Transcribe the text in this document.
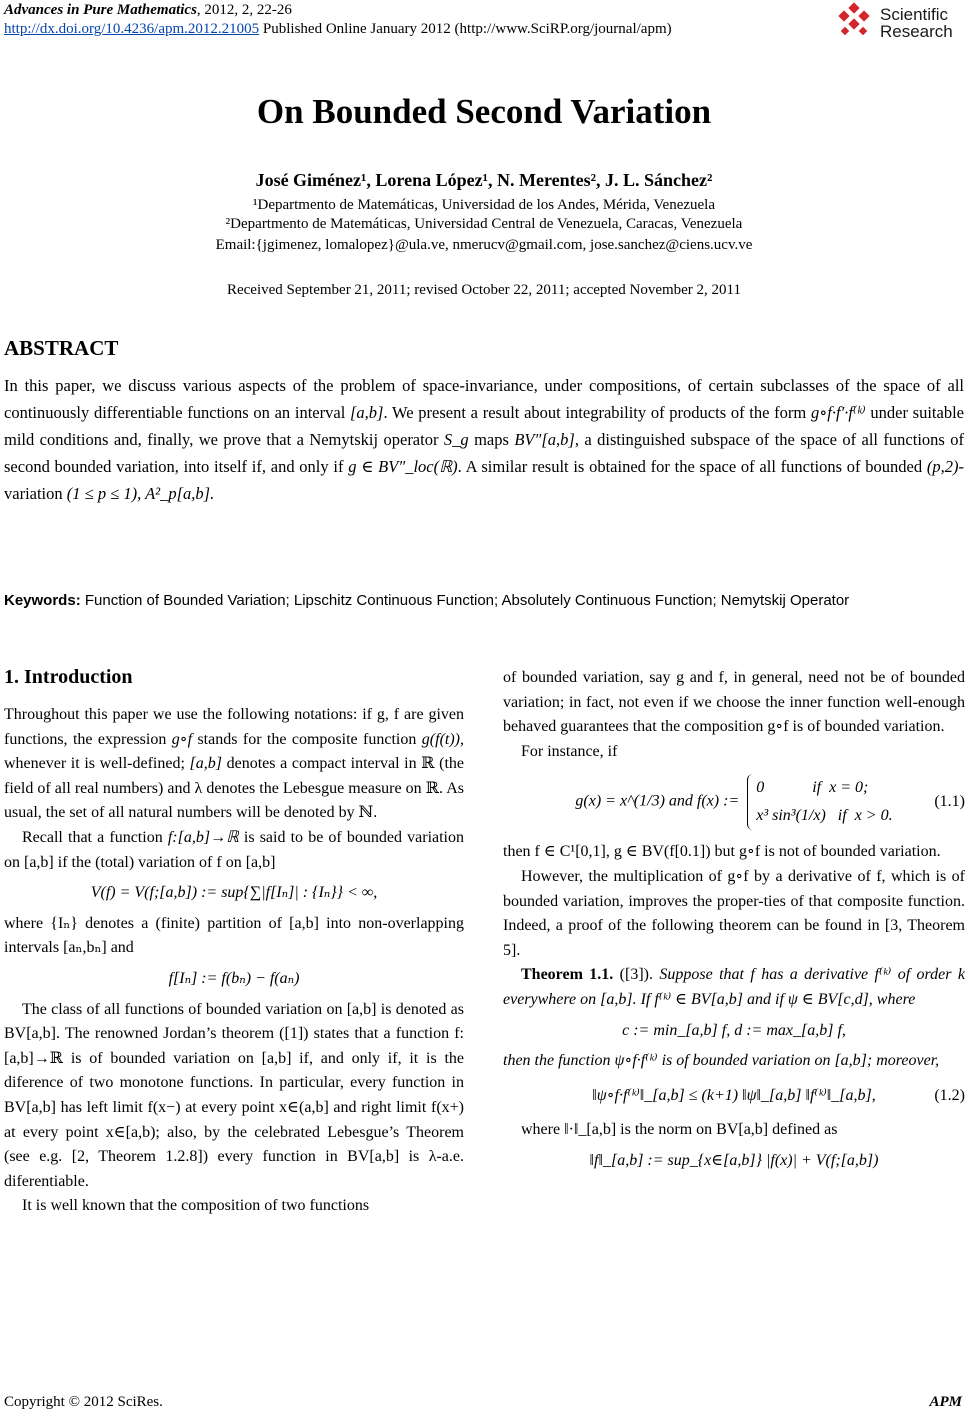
Advances in Pure Mathematics, 2012, 2, 22-26
http://dx.doi.org/10.4236/apm.2012.21005 Published Online January 2012 (http://www.SciRP.org/journal/apm)
Scientific
Research
On Bounded Second Variation
José Giménez¹, Lorena López¹, N. Merentes², J. L. Sánchez²
¹Departmento de Matemáticas, Universidad de los Andes, Mérida, Venezuela
²Departmento de Matemáticas, Universidad Central de Venezuela, Caracas, Venezuela
Email:{jgimenez, lomalopez}@ula.ve, nmerucv@gmail.com, jose.sanchez@ciens.ucv.ve
Received September 21, 2011; revised October 22, 2011; accepted November 2, 2011
ABSTRACT
In this paper, we discuss various aspects of the problem of space-invariance, under compositions, of certain subclasses of the space of all continuously differentiable functions on an interval [a,b]. We present a result about integrability of products of the form g∘f·f′·f⁽ᵏ⁾ under suitable mild conditions and, finally, we prove that a Nemytskij operator S_g maps BV″[a,b], a distinguished subspace of the space of all functions of second bounded variation, into itself if, and only if g ∈ BV″_loc(ℝ). A similar result is obtained for the space of all functions of bounded (p,2)-variation (1 ≤ p ≤ 1), A²_p[a,b].
Keywords: Function of Bounded Variation; Lipschitz Continuous Function; Absolutely Continuous Function; Nemytskij Operator
1. Introduction

Throughout this paper we use the following notations: if g, f are given functions, the expression g∘f stands for the composite function g(f(t)), whenever it is well-defined; [a,b] denotes a compact interval in ℝ (the field of all real numbers) and λ denotes the Lebesgue measure on ℝ. As usual, the set of all natural numbers will be denoted by ℕ.

Recall that a function f:[a,b]→ℝ is said to be of bounded variation on [a,b] if the (total) variation of f on [a,b]

V(f) = V(f;[a,b]) := sup{∑|f[Iₙ]| : {Iₙ}} < ∞,

where {Iₙ} denotes a (finite) partition of [a,b] into non-overlapping intervals [aₙ,bₙ] and

f[Iₙ] := f(bₙ) − f(aₙ)

The class of all functions of bounded variation on [a,b] is denoted as BV[a,b]. The renowned Jordan’s theorem ([1]) states that a function f:[a,b]→ℝ is of bounded variation on [a,b] if, and only if, it is the diference of two monotone functions. In particular, every function in BV[a,b] has left limit f(x−) at every point x∈(a,b] and right limit f(x+) at every point x∈[a,b); also, by the celebrated Lebesgue’s Theorem (see e.g. [2, Theorem 1.2.8]) every function in BV[a,b] is λ-a.e. diferentiable.

It is well known that the composition of two functions

of bounded variation, say g and f, in general, need not be of bounded variation; in fact, not even if we choose the inner function well-enough behaved guarantees that the composition g∘f is of bounded variation.

For instance, if

g(x) = x^(1/3) and f(x) := 0            if  x = 0;
x³ sin³(1/x)   if  x > 0.
(1.1)

then f ∈ C¹[0,1], g ∈ BV(f[0.1]) but g∘f is not of bounded variation.

However, the multiplication of g∘f by a derivative of f, which is of bounded variation, improves the proper-ties of that composite function. Indeed, a proof of the following theorem can be found in [3, Theorem 5].

Theorem 1.1. ([3]). Suppose that f has a derivative f⁽ᵏ⁾ of order k everywhere on [a,b]. If f⁽ᵏ⁾ ∈ BV[a,b] and if ψ ∈ BV[c,d], where

c := min_[a,b] f, d := max_[a,b] f,

then the function ψ∘f·f⁽ᵏ⁾ is of bounded variation on [a,b]; moreover,

‖ψ∘f·f⁽ᵏ⁾‖_[a,b] ≤ (k+1) ‖ψ‖_[a,b] ‖f⁽ᵏ⁾‖_[a,b],	(1.2)

where ‖·‖_[a,b] is the norm on BV[a,b] defined as

‖f‖_[a,b] := sup_{x∈[a,b]} |f(x)| + V(f;[a,b])
Copyright © 2012 SciRes.	APM
